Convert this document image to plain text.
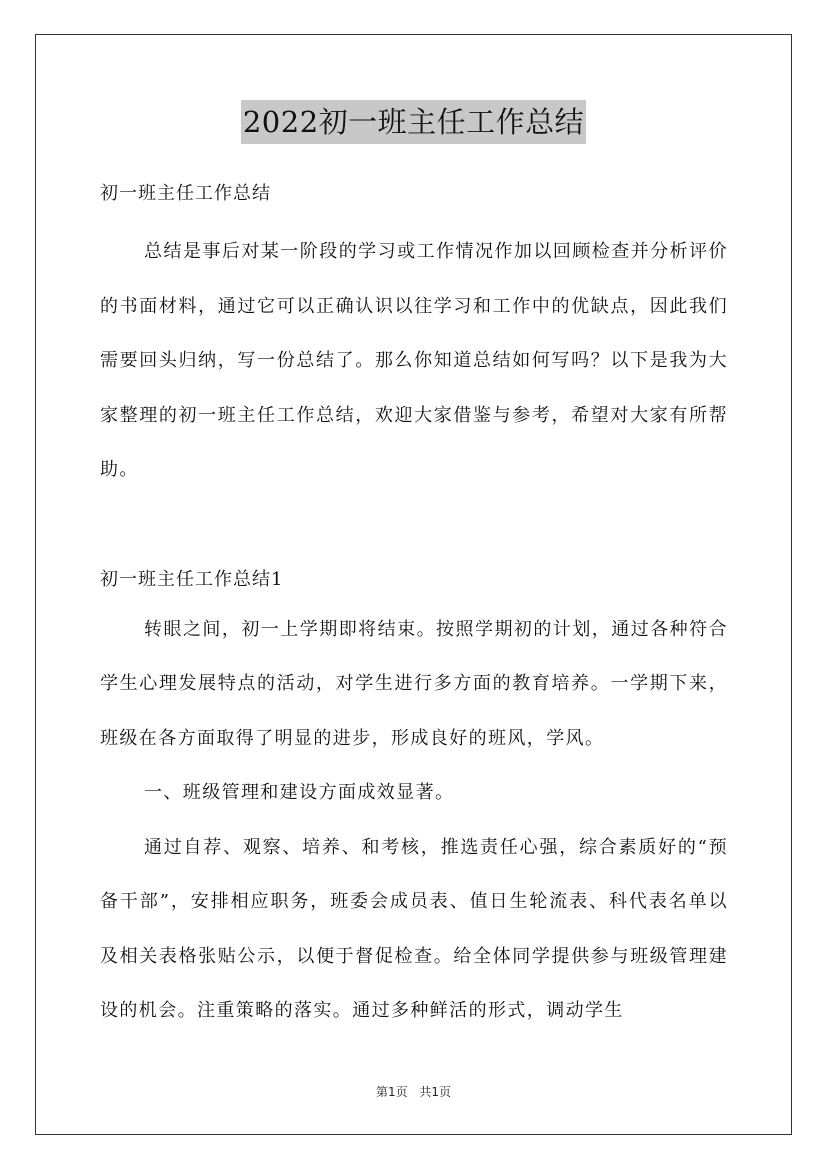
2022初一班主任工作总结

初一班主任工作总结

总结是事后对某一阶段的学习或工作情况作加以回顾检查并分析评价的书面材料，通过它可以正确认识以往学习和工作中的优缺点，因此我们需要回头归纳，写一份总结了。那么你知道总结如何写吗？以下是我为大家整理的初一班主任工作总结，欢迎大家借鉴与参考，希望对大家有所帮助。

初一班主任工作总结1

转眼之间，初一上学期即将结束。按照学期初的计划，通过各种符合学生心理发展特点的活动，对学生进行多方面的教育培养。一学期下来，班级在各方面取得了明显的进步，形成良好的班风，学风。

一、班级管理和建设方面成效显著。

通过自荐、观察、培养、和考核，推选责任心强，综合素质好的“预备干部”，安排相应职务，班委会成员表、值日生轮流表、科代表名单以及相关表格张贴公示，以便于督促检查。给全体同学提供参与班级管理建设的机会。注重策略的落实。通过多种鲜活的形式，调动学生

第1页 共1页
